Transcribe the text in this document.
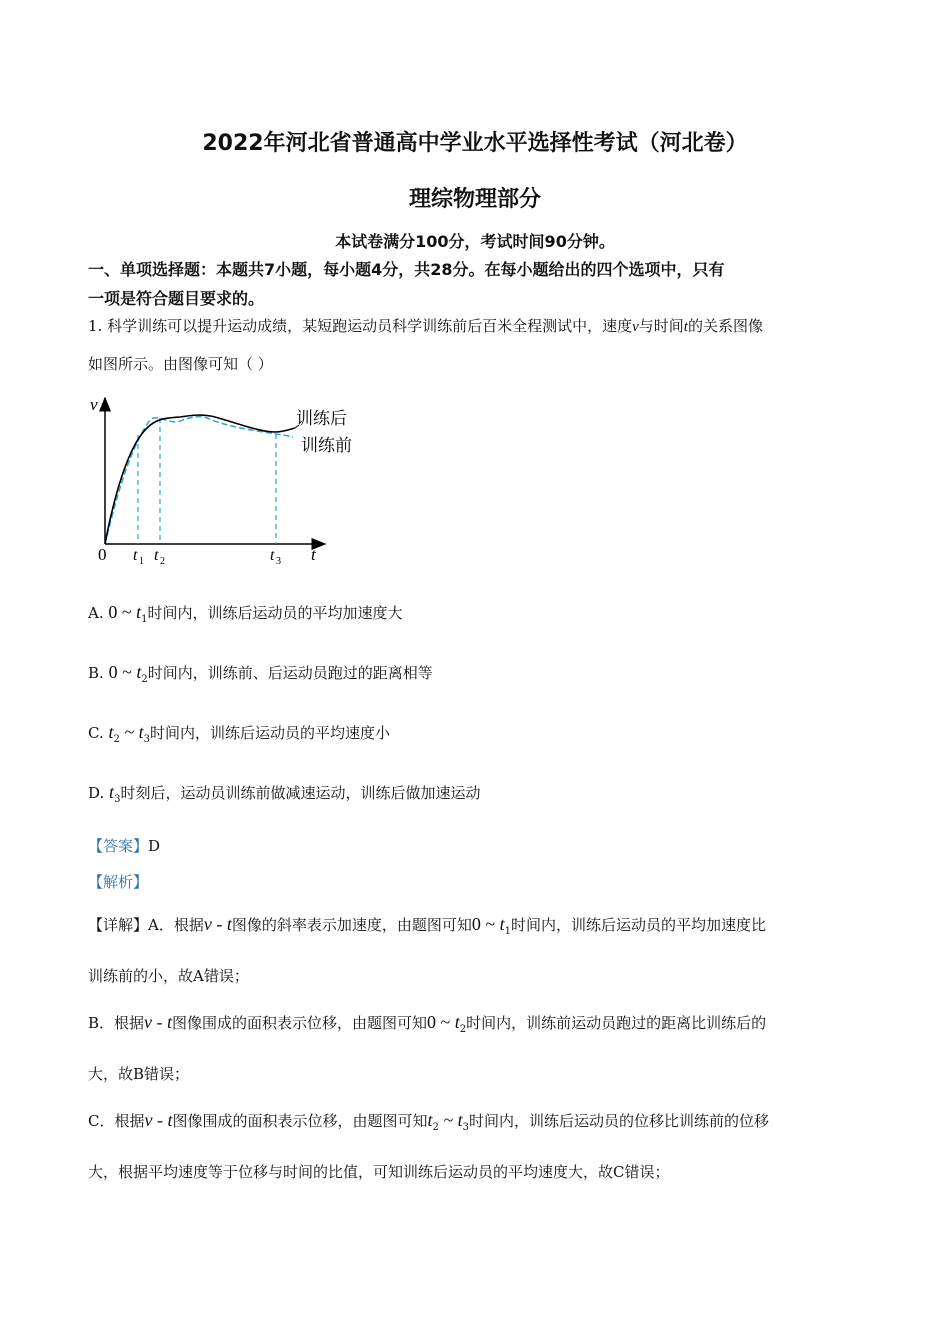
2022年河北省普通高中学业水平选择性考试（河北卷）
理综物理部分
本试卷满分100分，考试时间90分钟。
一、单项选择题：本题共7小题，每小题4分，共28分。在每小题给出的四个选项中，只有
一项是符合题目要求的。
1. 科学训练可以提升运动成绩，某短跑运动员科学训练前后百米全程测试中，速度v与时间t的关系图像
如图所示。由图像可知（ ）
v
t
0 t 1 t 2	t 3
训练后
训练前
A. 0 ~ $t_1$时间内，训练后运动员的平均加速度大
B. 0 ~ $t_2$时间内，训练前、后运动员跑过的距离相等
C. $t_2$ ~ $t_3$时间内，训练后运动员的平均速度小
D. $t_3$时刻后，运动员训练前做减速运动，训练后做加速运动
【答案】D
【解析】
【详解】A．根据v - t图像的斜率表示加速度，由题图可知0 ~ $t_1$时间内，训练后运动员的平均加速度比
训练前的小，故A错误；
B．根据v - t图像围成的面积表示位移，由题图可知0 ~ $t_2$时间内，训练前运动员跑过的距离比训练后的
大，故B错误；
C．根据v - t图像围成的面积表示位移，由题图可知$t_2$ ~ $t_3$时间内，训练后运动员的位移比训练前的位移
大，根据平均速度等于位移与时间的比值，可知训练后运动员的平均速度大，故C错误；
